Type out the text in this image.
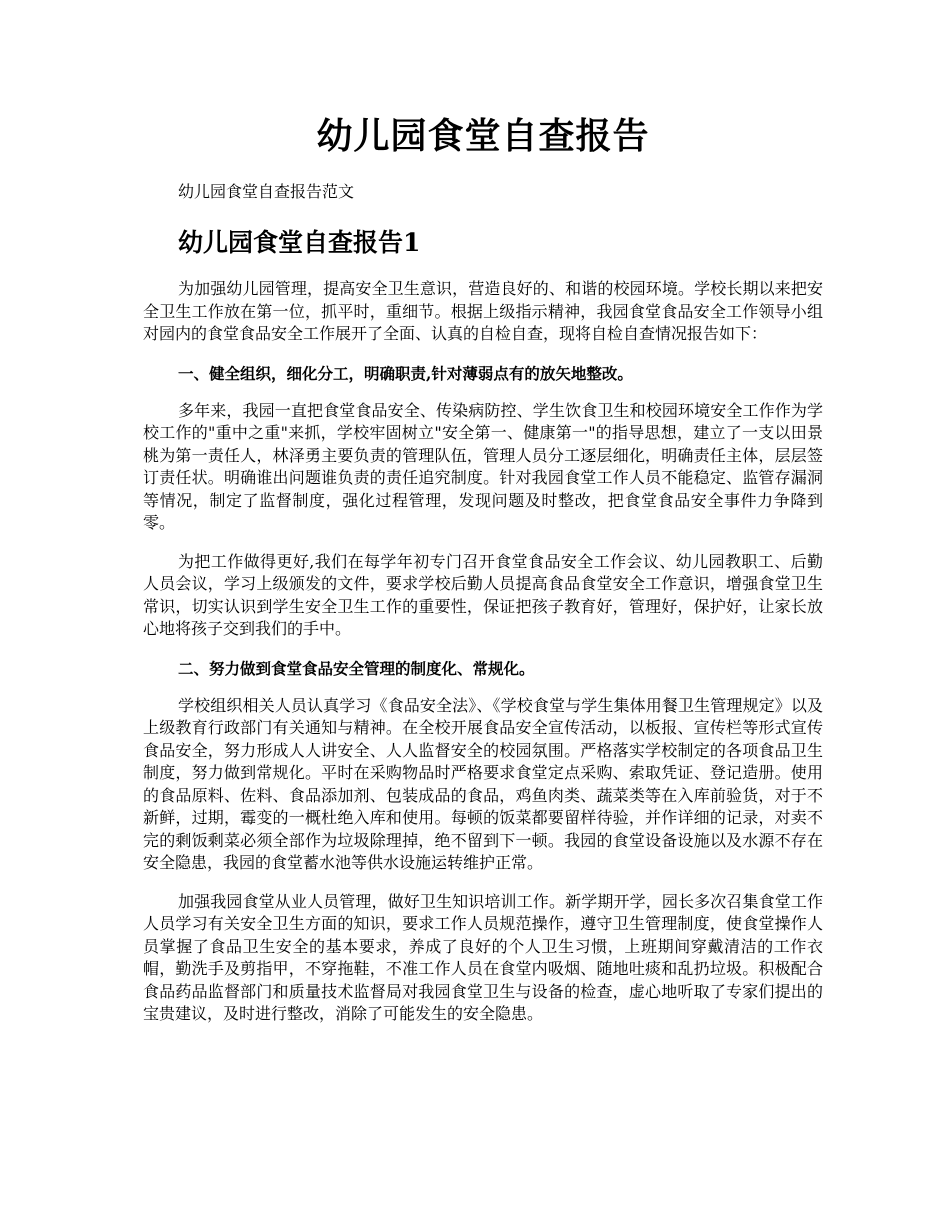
幼儿园食堂自查报告
幼儿园食堂自查报告范文
幼儿园食堂自查报告1

为加强幼儿园管理，提高安全卫生意识，营造良好的、和谐的校园环境。学校长期以来把安全卫生工作放在第一位，抓平时，重细节。根据上级指示精神，我园食堂食品安全工作领导小组对园内的食堂食品安全工作展开了全面、认真的自检自查，现将自检自查情况报告如下：

一、健全组织，细化分工，明确职责,针对薄弱点有的放矢地整改。

多年来，我园一直把食堂食品安全、传染病防控、学生饮食卫生和校园环境安全工作作为学校工作的"重中之重"来抓，学校牢固树立"安全第一、健康第一"的指导思想，建立了一支以田景桃为第一责任人，林泽勇主要负责的管理队伍，管理人员分工逐层细化，明确责任主体，层层签订责任状。明确谁出问题谁负责的责任追究制度。针对我园食堂工作人员不能稳定、监管存漏洞等情况，制定了监督制度，强化过程管理，发现问题及时整改，把食堂食品安全事件力争降到零。

为把工作做得更好,我们在每学年初专门召开食堂食品安全工作会议、幼儿园教职工、后勤人员会议，学习上级颁发的文件，要求学校后勤人员提高食品食堂安全工作意识，增强食堂卫生常识，切实认识到学生安全卫生工作的重要性，保证把孩子教育好，管理好，保护好，让家长放心地将孩子交到我们的手中。

二、努力做到食堂食品安全管理的制度化、常规化。

学校组织相关人员认真学习《食品安全法》、《学校食堂与学生集体用餐卫生管理规定》以及上级教育行政部门有关通知与精神。在全校开展食品安全宣传活动，以板报、宣传栏等形式宣传食品安全，努力形成人人讲安全、人人监督安全的校园氛围。严格落实学校制定的各项食品卫生制度，努力做到常规化。平时在采购物品时严格要求食堂定点采购、索取凭证、登记造册。使用的食品原料、佐料、食品添加剂、包装成品的食品，鸡鱼肉类、蔬菜类等在入库前验货，对于不新鲜，过期，霉变的一概杜绝入库和使用。每顿的饭菜都要留样待验，并作详细的记录，对卖不完的剩饭剩菜必须全部作为垃圾除理掉，绝不留到下一顿。我园的食堂设备设施以及水源不存在安全隐患，我园的食堂蓄水池等供水设施运转维护正常。

加强我园食堂从业人员管理，做好卫生知识培训工作。新学期开学，园长多次召集食堂工作人员学习有关安全卫生方面的知识，要求工作人员规范操作，遵守卫生管理制度，使食堂操作人员掌握了食品卫生安全的基本要求，养成了良好的个人卫生习惯，上班期间穿戴清洁的工作衣帽，勤洗手及剪指甲，不穿拖鞋，不准工作人员在食堂内吸烟、随地吐痰和乱扔垃圾。积极配合食品药品监督部门和质量技术监督局对我园食堂卫生与设备的检查，虚心地听取了专家们提出的宝贵建议，及时进行整改，消除了可能发生的安全隐患。
